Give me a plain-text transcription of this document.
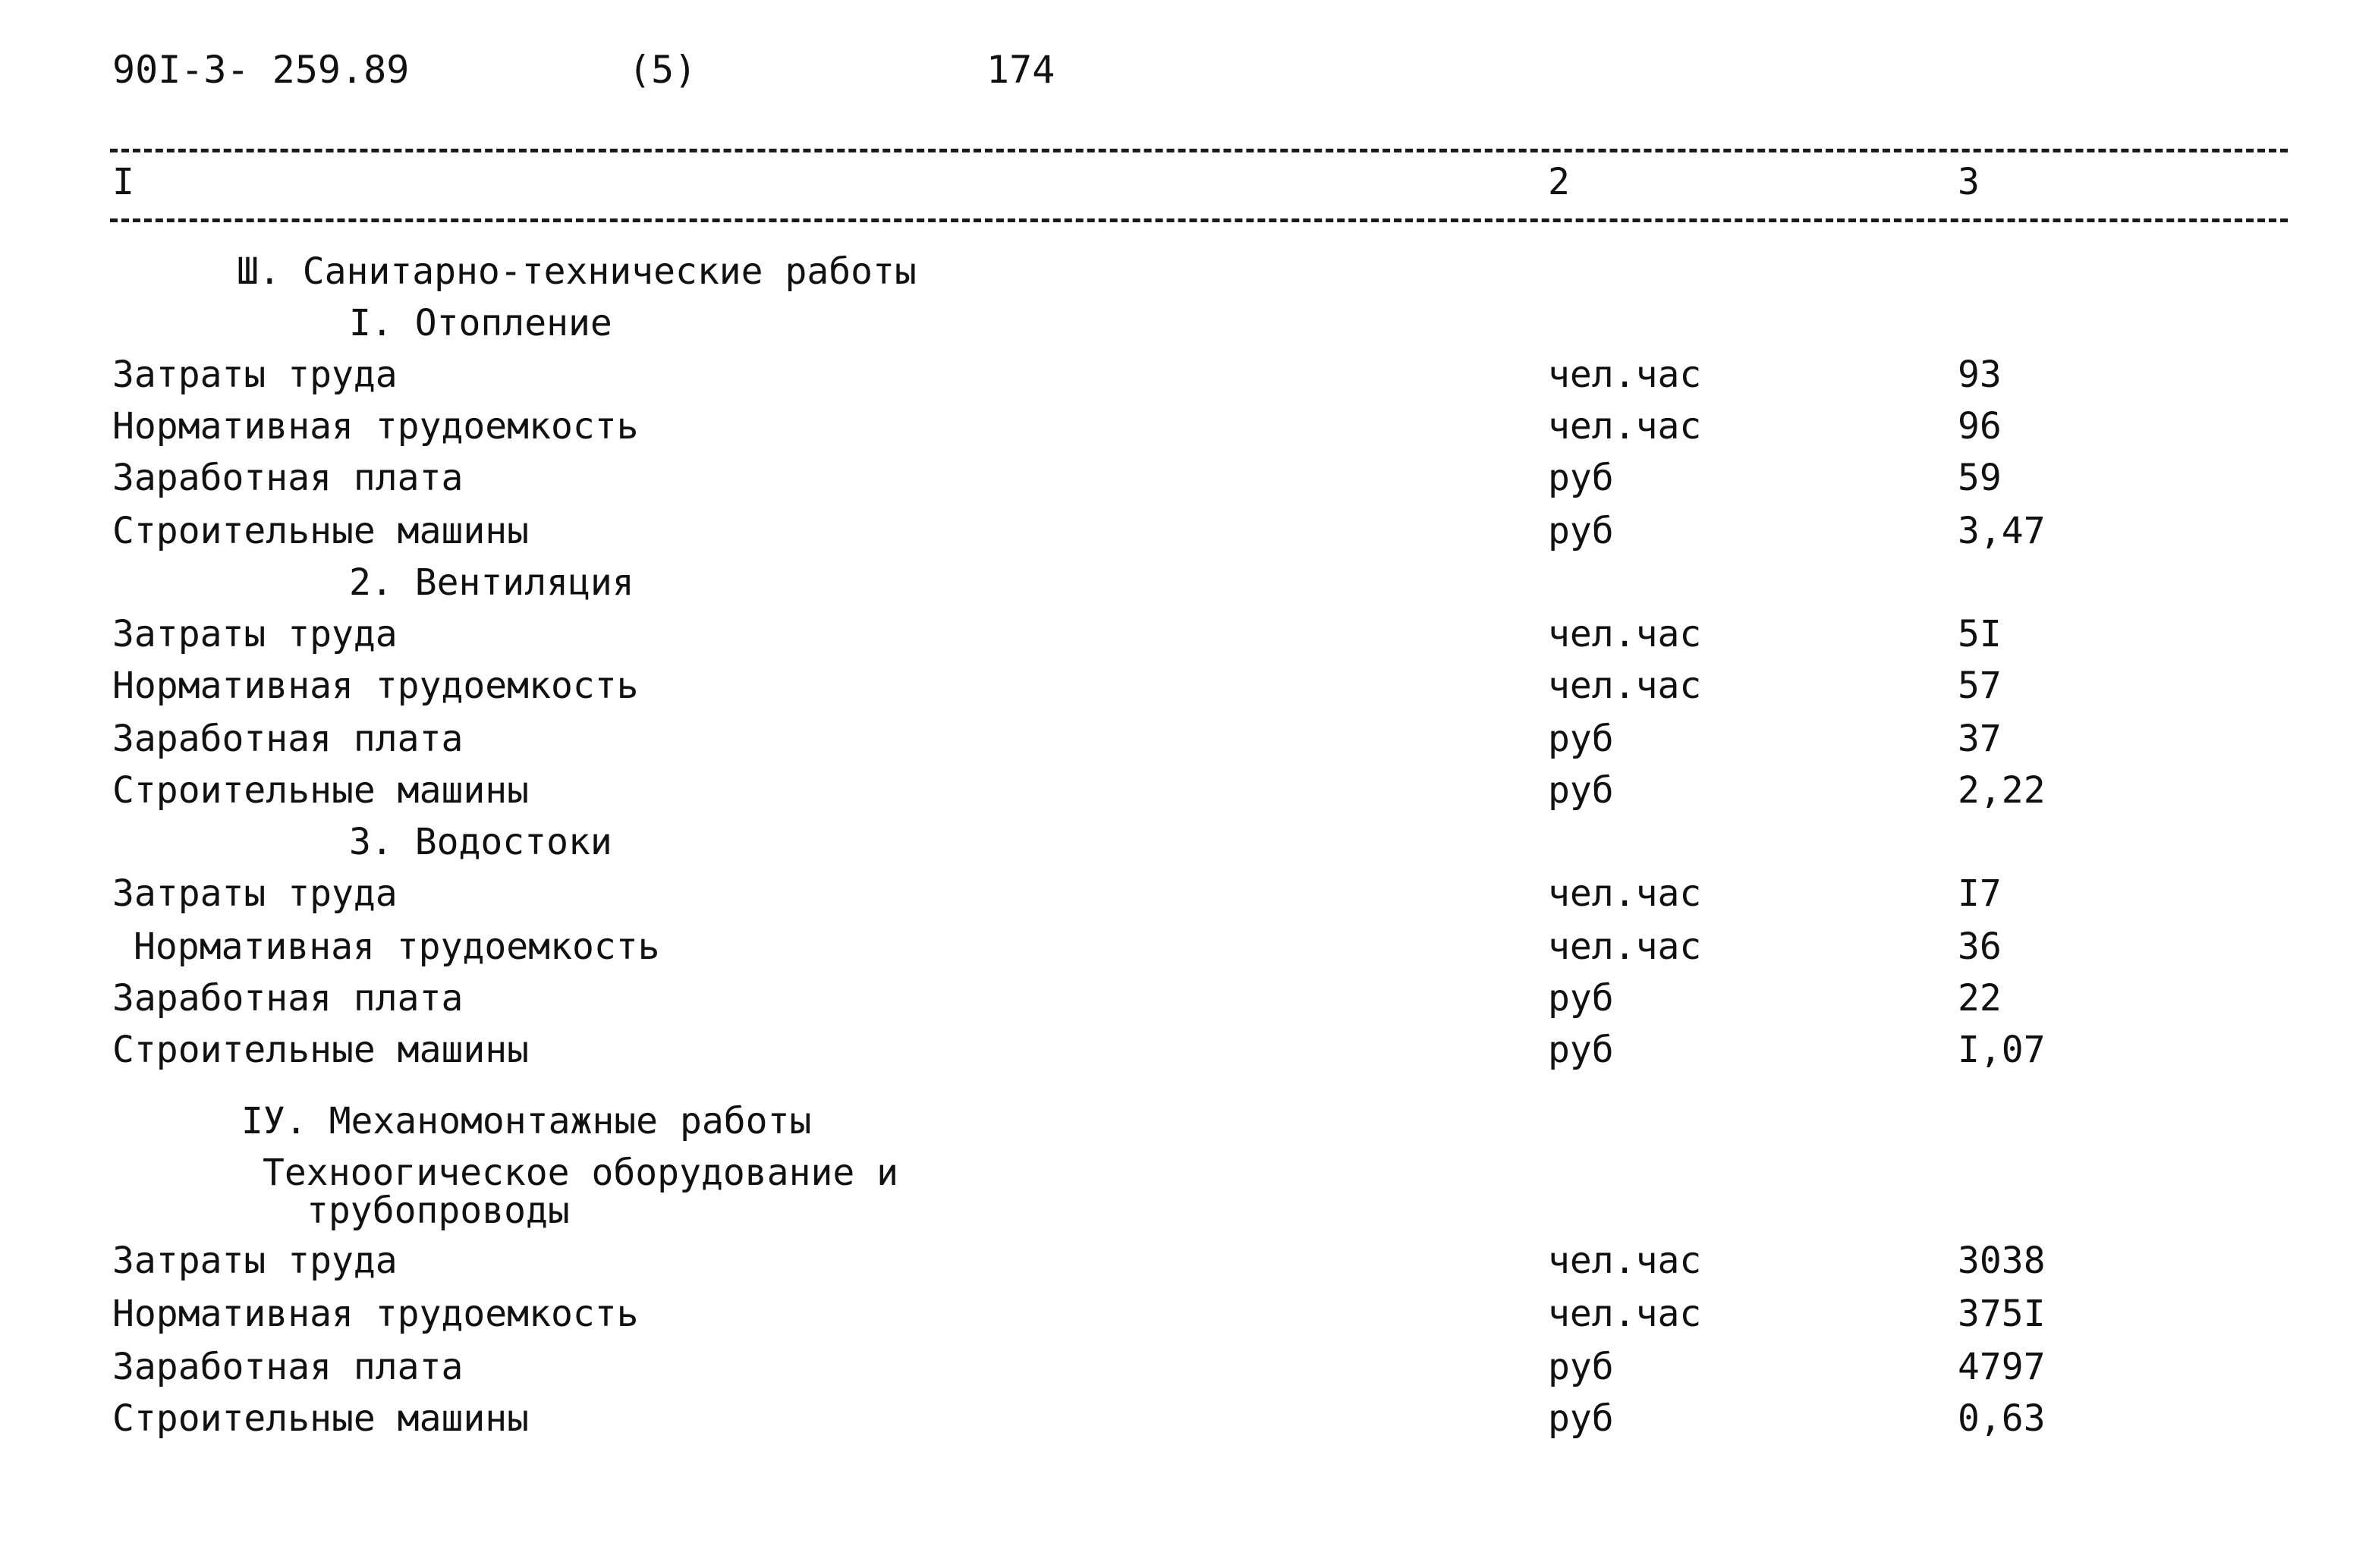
90I-3- 259.89	(5)	174
I	2	3
Ш. Санитарно-технические работы
I. Отопление
Затраты труда	чел.час	93
Нормативная трудоемкость	чел.час	96
Заработная плата	руб	59
Строительные машины	руб	3,47
2. Вентиляция
Затраты труда	чел.час	5I
Нормативная трудоемкость	чел.час	57
Заработная плата	руб	37
Строительные машины	руб	2,22
3. Водостоки
Затраты труда	чел.час	I7
Нормативная трудоемкость	чел.час	36
Заработная плата	руб	22
Строительные машины	руб	I,07
IУ. Механомонтажные работы
Техноогическое оборудование и
трубопроводы
Затраты труда	чел.час	3038
Нормативная трудоемкость	чел.час	375I
Заработная плата	руб	4797
Строительные машины	руб	0,63
